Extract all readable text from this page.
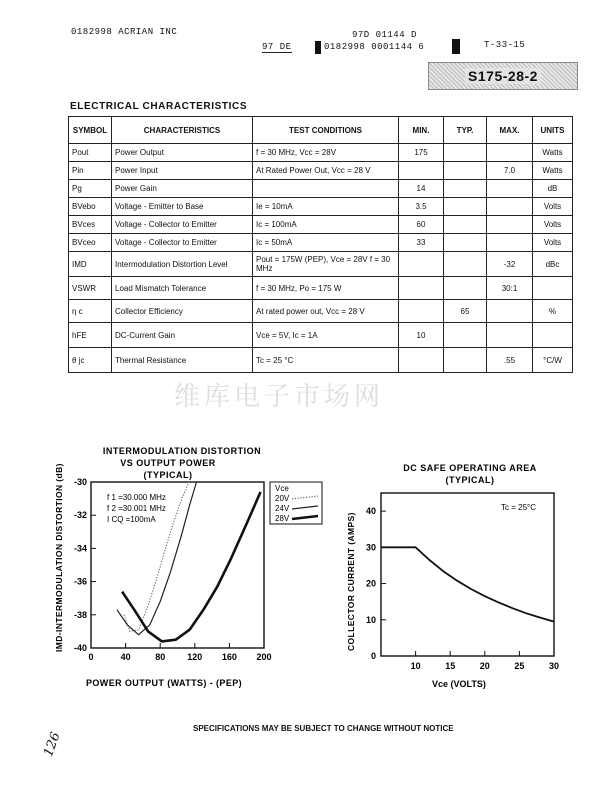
0182998 ACRIAN INC	97D 01144 D
97 DE	0182998 0001144 6	T-33-15
S175-28-2
ELECTRICAL CHARACTERISTICS
SYMBOL	CHARACTERISTICS	TEST CONDITIONS	MIN.	TYP.	MAX.	UNITS
Pout	Power Output	f = 30 MHz, Vcc = 28V	175			Watts
Pin	Power Input	At Rated Power Out, Vcc = 28 V			7.0	Watts
Pg	Power Gain		14			dB
BVebo	Voltage - Emitter to Base	Ie = 10mA	3.5			Volts
BVces	Voltage - Collector to Emitter	Ic = 100mA	60			Volts
BVceo	Voltage - Collector to Emitter	Ic = 50mA	33			Volts
IMD	Intermodulation Distortion Level	Pout = 175W (PEP), Vce = 28V f = 30 MHz			-32	dBc
VSWR	Load Mismatch Tolerance	f = 30 MHz, Po = 175 W			30:1	
η c	Collector Efficiency	At rated power out, Vcc = 28 V		65		%
hFE	DC-Current Gain	Vce = 5V, Ic = 1A	10			
θ jc	Thermal Resistance	Tc = 25 °C			.55	°C/W
维库电子市场网
INTERMODULATION DISTORTION
VS OUTPUT POWER
(TYPICAL)
IMD-INTERMODULATION DISTORTION (dB)
POWER OUTPUT (WATTS) - (PEP)
-30
-32
-34
-36
-38
-40
0	40	80 120 160 200
f 1 =30.000 MHz
f 2 =30.001 MHz
I CQ =100mA
Vce
20V
24V
28V
DC SAFE OPERATING AREA
(TYPICAL)
COLLECTOR CURRENT (AMPS)
Vce (VOLTS)
Tc = 25°C
0
10
20
30
40
10	15	20	25	30
SPECIFICATIONS MAY BE SUBJECT TO CHANGE WITHOUT NOTICE
126
